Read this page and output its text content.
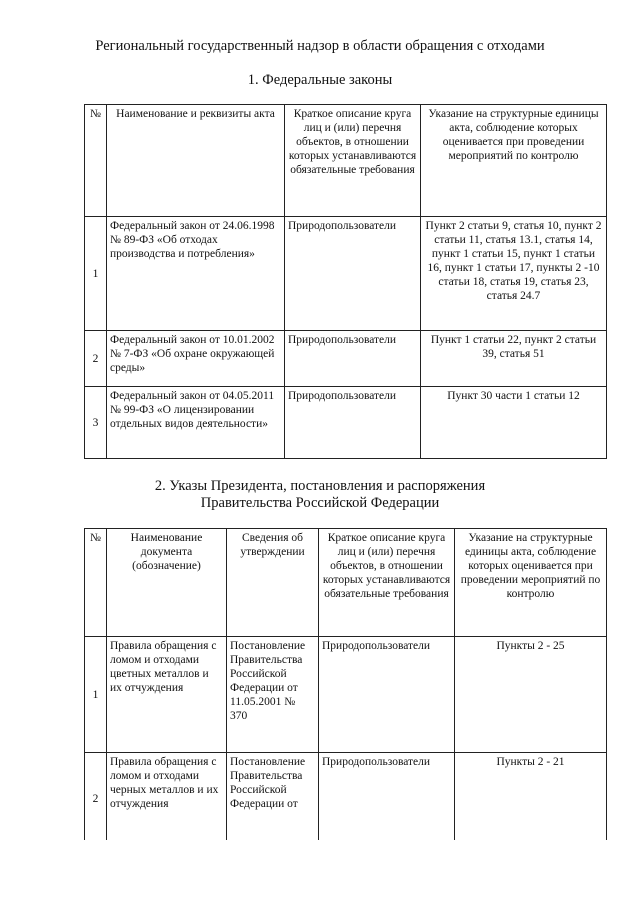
Региональный государственный надзор в области обращения с отходами
1. Федеральные законы
№	Наименование и реквизиты акта	Краткое описание круга лиц и (или) перечня объектов, в отношении которых устанавливаются обязательные требования	Указание на структурные единицы акта, соблюдение которых оценивается при проведении мероприятий по контролю
1	Федеральный закон от 24.06.1998 № 89-ФЗ «Об отходах производства и потребления»	Природопользователи	Пункт 2 статьи 9, статья 10, пункт 2 статьи 11, статья 13.1, статья 14, пункт 1 статьи 15, пункт 1 статьи 16, пункт 1 статьи 17, пункты 2 -10 статьи 18, статья 19, статья 23, статья 24.7
2	Федеральный закон от 10.01.2002 № 7-ФЗ «Об охране окружающей среды»	Природопользователи	Пункт 1 статьи 22, пункт 2 статьи 39, статья 51
3	Федеральный закон от 04.05.2011 № 99-ФЗ «О лицензировании отдельных видов деятельности»	Природопользователи	Пункт 30 части 1 статьи 12
2. Указы Президента, постановления и распоряжения
Правительства Российской Федерации
№	Наименование документа (обозначение)	Сведения об утверждении	Краткое описание круга лиц и (или) перечня объектов, в отношении которых устанавливаются обязательные требования	Указание на структурные единицы акта, соблюдение которых оценивается при проведении мероприятий по контролю
1	Правила обращения с ломом и отходами цветных металлов и их отчуждения	Постановление Правительства Российской Федерации от 11.05.2001 № 370	Природопользователи	Пункты 2 - 25
2	Правила обращения с ломом и отходами черных металлов и их отчуждения	Постановление Правительства Российской Федерации от	Природопользователи	Пункты 2 - 21
